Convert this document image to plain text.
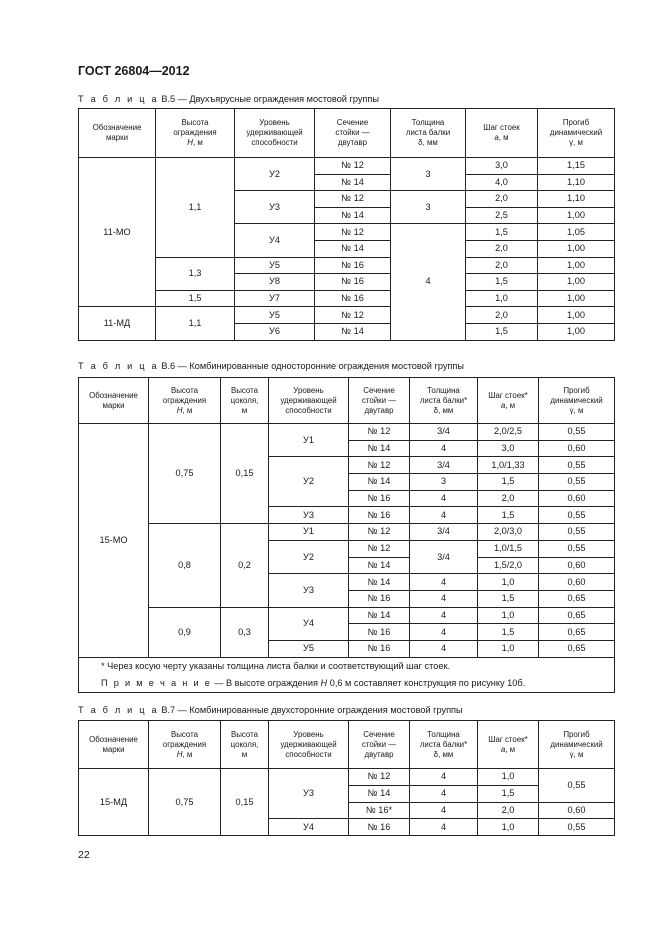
ГОСТ 26804—2012
Т а б л и ц а В.5 — Двухъярусные ограждения мостовой группы
Обозначение
марки	Высота
ограждения
Н, м	Уровень
удерживающей
способности	Сечение
стойки —
двутавр	Толщина
листа балки
δ, мм	Шаг стоек
а, м	Прогиб
динамический
γ, м
11-МО	1,1	У2	№ 12	3	3,0	1,15
			№ 14		4,0	1,10
		У3	№ 12	3	2,0	1,10
			№ 14		2,5	1,00
		У4	№ 12	4	1,5	1,05
			№ 14		2,0	1,00
	1,3	У5	№ 16		2,0	1,00
		У8	№ 16		1,5	1,00
	1,5	У7	№ 16		1,0	1,00
11-МД	1,1	У5	№ 12		2,0	1,00
		У6	№ 14		1,5	1,00
Т а б л и ц а В.6 — Комбинированные односторонние ограждения мостовой группы
Обозначение
марки	Высота
ограждения
Н, м	Высота
цоколя,
м	Уровень
удерживающей
способности	Сечение
стойки —
двутавр	Толщина
листа балки*
δ, мм	Шаг стоек*
а, м	Прогиб
динамический
γ, м
15-МО	0,75	0,15	У1	№ 12	3/4	2,0/2,5	0,55
				№ 14	4	3,0	0,60
			У2	№ 12	3/4	1,0/1,33	0,55
				№ 14	3	1,5	0,55
				№ 16	4	2,0	0,60
			У3	№ 16	4	1,5	0,55
	0,8	0,2	У1	№ 12	3/4	2,0/3,0	0,55
			У2	№ 12	3/4	1,0/1,5	0,55
				№ 14		1,5/2,0	0,60
			У3	№ 14	4	1,0	0,60
				№ 16	4	1,5	0,65
	0,9	0,3	У4	№ 14	4	1,0	0,65
				№ 16	4	1,5	0,65
			У5	№ 16	4	1,0	0,65
* Через косую черту указаны толщина листа балки и соответствующий шаг стоек.							
П р и м е ч а н и е — В высоте ограждения H 0,6 м составляет конструкция по рисунку 10б.							
Т а б л и ц а В.7 — Комбинированные двухсторонние ограждения мостовой группы
Обозначение
марки	Высота
ограждения
Н, м	Высота
цоколя,
м	Уровень
удерживающей
способности	Сечение
стойки —
двутавр	Толщина
листа балки*
δ, мм	Шаг стоек*
а, м	Прогиб
динамический
γ, м
15-МД	0,75	0,15	У3	№ 12	4	1,0	0,55
				№ 14	4	1,5	
				№ 16*	4	2,0	0,60
			У4	№ 16	4	1,0	0,55
22
